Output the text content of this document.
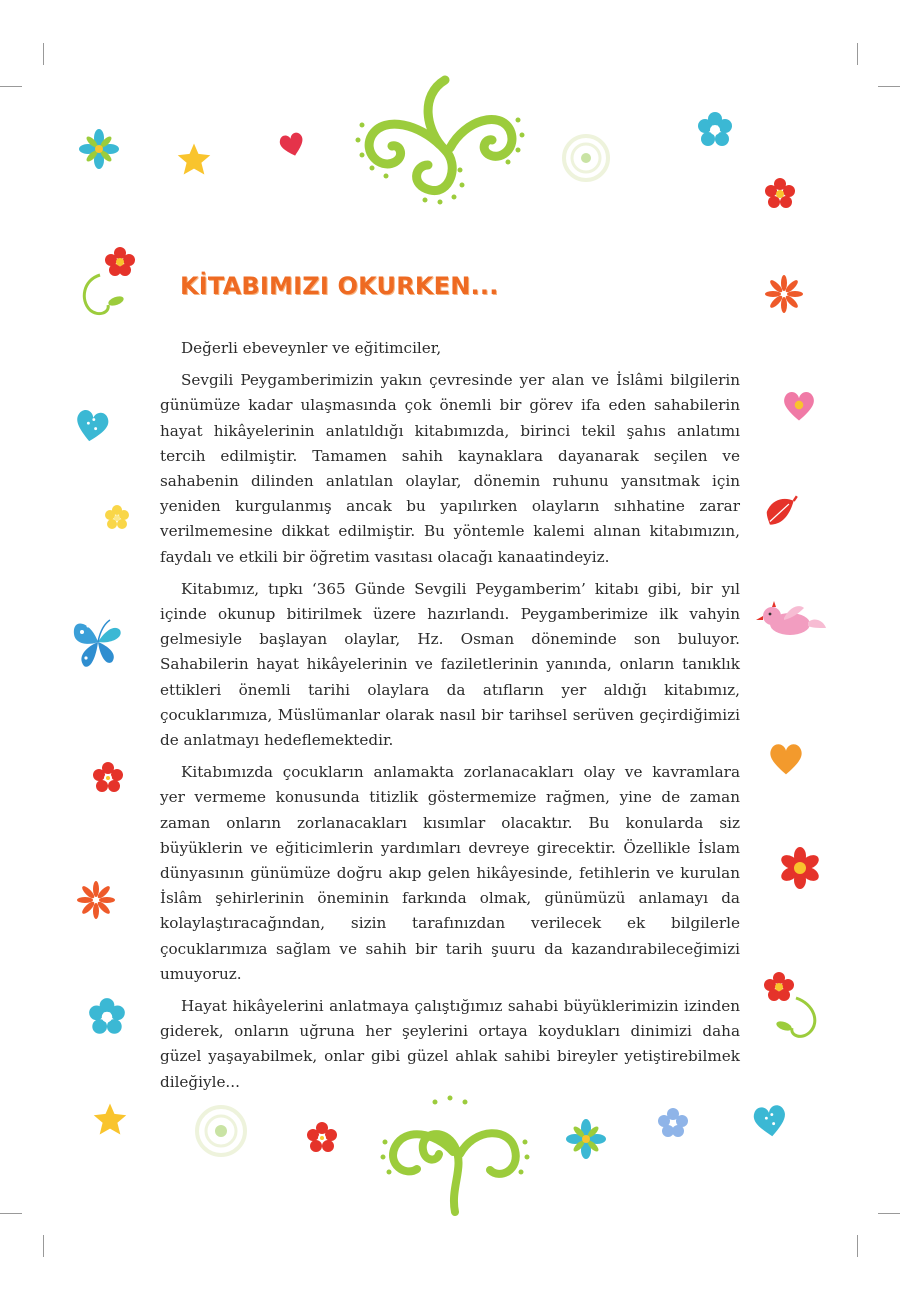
KİTABIMIZI OKURKEN...

Değerli ebeveynler ve eğitimciler,

Sevgili Peygamberimizin yakın çevresinde yer alan ve İslâmi bilgilerin günümüze kadar ulaşmasında çok önemli bir görev ifa eden sahabilerin hayat hikâyelerinin anlatıldığı kitabımızda, birinci tekil şahıs anlatımı tercih edilmiştir. Tamamen sahih kaynaklara dayanarak seçilen ve sahabenin dilinden anlatılan olaylar, dönemin ruhunu yansıtmak için yeniden kurgulanmış ancak bu yapılırken olayların sıhhatine zarar verilmemesine dikkat edilmiştir. Bu yöntemle kalemi alınan kitabımızın, faydalı ve etkili bir öğretim vasıtası olacağı kanaatindeyiz.

Kitabımız, tıpkı ‘365 Günde Sevgili Peygamberim’ kitabı gibi, bir yıl içinde okunup bitirilmek üzere hazırlandı. Peygamberimize ilk vahyin gelmesiyle başlayan olaylar, Hz. Osman döneminde son buluyor. Sahabilerin hayat hikâyelerinin ve faziletlerinin yanında, onların tanıklık ettikleri önemli tarihi olaylara da atıfların yer aldığı kitabımız, çocuklarımıza, Müslümanlar olarak nasıl bir tarihsel serüven geçirdiğimizi de anlatmayı hedeflemektedir.

Kitabımızda çocukların anlamakta zorlanacakları olay ve kavramlara yer vermeme konusunda titizlik göstermemize rağmen, yine de zaman zaman onların zorlanacakları kısımlar olacaktır. Bu konularda siz büyüklerin ve eğiticimlerin yardımları devreye girecektir. Özellikle İslam dünyasının günümüze doğru akıp gelen hikâyesinde, fetihlerin ve kurulan İslâm şehirlerinin öneminin farkında olmak, günümüzü anlamayı da kolaylaştıracağından, sizin tarafınızdan verilecek ek bilgilerle çocuklarımıza sağlam ve sahih bir tarih şuuru da kazandırabileceğimizi umuyoruz.

Hayat hikâyelerini anlatmaya çalıştığımız sahabi büyüklerimizin izinden giderek, onların uğruna her şeylerini ortaya koydukları dinimizi daha güzel yaşayabilmek, onlar gibi güzel ahlak sahibi bireyler yetiştirebilmek dileğiyle...
